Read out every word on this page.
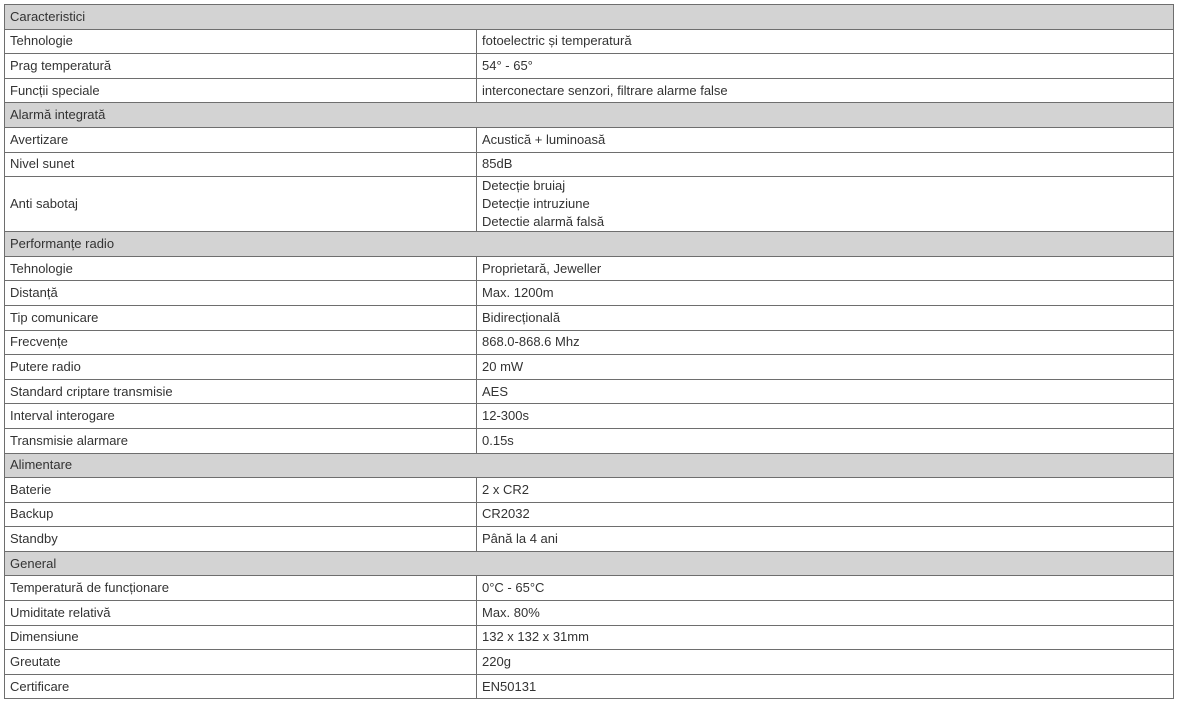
Caracteristici	
Tehnologie	fotoelectric și temperatură
Prag temperatură	54° - 65°
Funcții speciale	interconectare senzori, filtrare alarme false
Alarmă integrată	
Avertizare	Acustică + luminoasă
Nivel sunet	85dB
Anti sabotaj	Detecție bruiaj
Detecție intruziune
Detectie alarmă falsă

Performanțe radio	
Tehnologie	Proprietară, Jeweller
Distanță	Max. 1200m
Tip comunicare	Bidirecțională
Frecvențe	868.0-868.6 Mhz
Putere radio	20 mW
Standard criptare transmisie	AES
Interval interogare	12-300s
Transmisie alarmare	0.15s
Alimentare	
Baterie	2 x CR2
Backup	CR2032
Standby	Până la 4 ani
General	
Temperatură de funcționare	0°C - 65°C
Umiditate relativă	Max. 80%
Dimensiune	132 x 132 x 31mm
Greutate	220g
Certificare	EN50131
